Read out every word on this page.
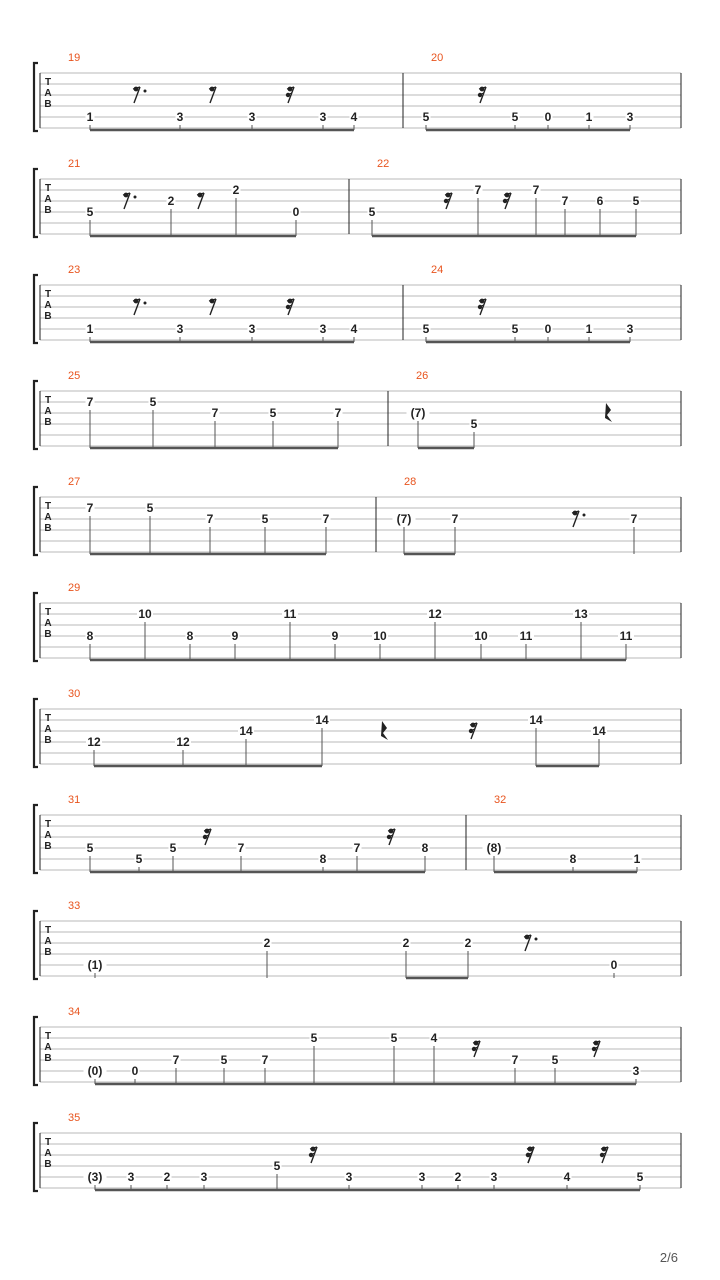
T
A
B
19
1	3	3	3 4
20
5	5 0	1	3
T
A
B
21
5
2
2
0
22
5
7	7
7 6 5
T
A
B
23
1	3	3	3 4
24
5	5 0	1	3
T
A
B
25
7	5
7	5	7
26
(7)
5
T
A
B
27
7	5
7	5	7
28
(7)	7	7
T
A
B
29
8
10
8	9
11
9	10
12
10	11
13
11
T
A
B
30
12	12
14
14	14
14
T
A
B
31
5
5
5	7
8
7	8
32
(8)
8	1
T
A
B
33
(1)
2	2	2
0
T
A
B
34
(0) 0
7	5	7
5	5	4
7	5
3
T
A
B
35
(3) 3 2	3
5
3	3 2 3	4	5
2/6
